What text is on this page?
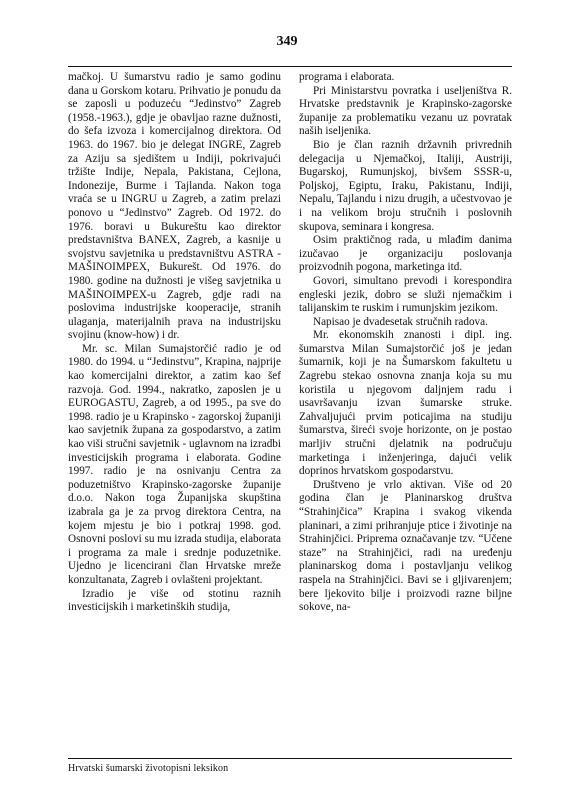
349

mačkoj. U šumarstvu radio je samo godinu dana u Gorskom kotaru. Prihvatio je ponudu da se zaposli u poduzeću “Jedinstvo” Zagreb (1958.-1963.), gdje je obavljao razne dužnosti, do šefa izvoza i komercijalnog direktora. Od 1963. do 1967. bio je delegat INGRE, Zagreb za Aziju sa sjedištem u Indiji, pokrivajući tržište Indije, Nepala, Pakistana, Cejlona, Indonezije, Burme i Tajlanda. Nakon toga vraća se u INGRU u Zagreb, a zatim prelazi ponovo u “Jedinstvo” Zagreb. Od 1972. do 1976. boravi u Bukureštu kao direktor predstavništva BANEX, Zagreb, a kasnije u svojstvu savjetnika u predstavništvu ASTRA - MAŠINOIMPEX, Bukurešt. Od 1976. do 1980. godine na dužnosti je višeg savjetnika u MAŠINOIMPEX-u Zagreb, gdje radi na poslovima industrijske kooperacije, stranih ulaganja, materijalnih prava na industrijsku svojinu (know-how) i dr.

Mr. sc. Milan Sumajstorčić radio je od 1980. do 1994. u “Jedinstvu”, Krapina, najprije kao komercijalni direktor, a zatim kao šef razvoja. God. 1994., nakratko, zaposlen je u EUROGASTU, Zagreb, a od 1995., pa sve do 1998. radio je u Krapinsko - zagorskoj županiji kao savjetnik župana za gospodarstvo, a zatim kao viši stručni savjetnik - uglavnom na izradbi investicijskih programa i elaborata. Godine 1997. radio je na osnivanju Centra za poduzetništvo Krapinsko-zagorske županije d.o.o. Nakon toga Županijska skupština izabrala ga je za prvog direktora Centra, na kojem mjestu je bio i potkraj 1998. god. Osnovni poslovi su mu izrada studija, elaborata i programa za male i srednje poduzetnike. Ujedno je licencirani član Hrvatske mreže konzultanata, Zagreb i ovlašteni projektant.

Izradio je više od stotinu raznih investicijskih i marketinških studija,

programa i elaborata.

Pri Ministarstvu povratka i useljeništva R. Hrvatske predstavnik je Krapinsko-zagorske županije za problematiku vezanu uz povratak naših iseljenika.

Bio je član raznih državnih privrednih delegacija u Njemačkoj, Italiji, Austriji, Bugarskoj, Rumunjskoj, bivšem SSSR-u, Poljskoj, Egiptu, Iraku, Pakistanu, Indiji, Nepalu, Tajlandu i nizu drugih, a učestvovao je i na velikom broju stručnih i poslovnih skupova, seminara i kongresa.

Osim praktičnog rada, u mlađim danima izučavao je organizaciju poslovanja proizvodnih pogona, marketinga itd.

Govori, simultano prevodi i korespondira engleski jezik, dobro se služi njemačkim i talijanskim te ruskim i rumunjskim jezikom.

Napisao je dvadesetak stručnih radova.

Mr. ekonomskih znanosti i dipl. ing. šumarstva Milan Sumajstorčić još je jedan šumarnik, koji je na Šumarskom fakultetu u Zagrebu stekao osnovna znanja koja su mu koristila u njegovom daljnjem radu i usavršavanju izvan šumarske struke. Zahvaljujući prvim poticajima na studiju šumarstva, šireći svoje horizonte, on je postao marljiv stručni djelatnik na područuju marketinga i inženjeringa, dajući velik doprinos hrvatskom gospodarstvu.

Društveno je vrlo aktivan. Više od 20 godina član je Planinarskog društva “Strahinjčica” Krapina i svakog vikenda planinari, a zimi prihranjuje ptice i životinje na Strahinjčici. Pripremа označavanje tzv. “Učene staze” na Strahinjčici, radi na uređenju planinarskog doma i postavljanju velikog raspela na Strahinjčici. Bavi se i gljivarenjem; bere ljekovito bilje i proizvodi razne biljne sokove, na-

Hrvatski šumarski životopisni leksikon
